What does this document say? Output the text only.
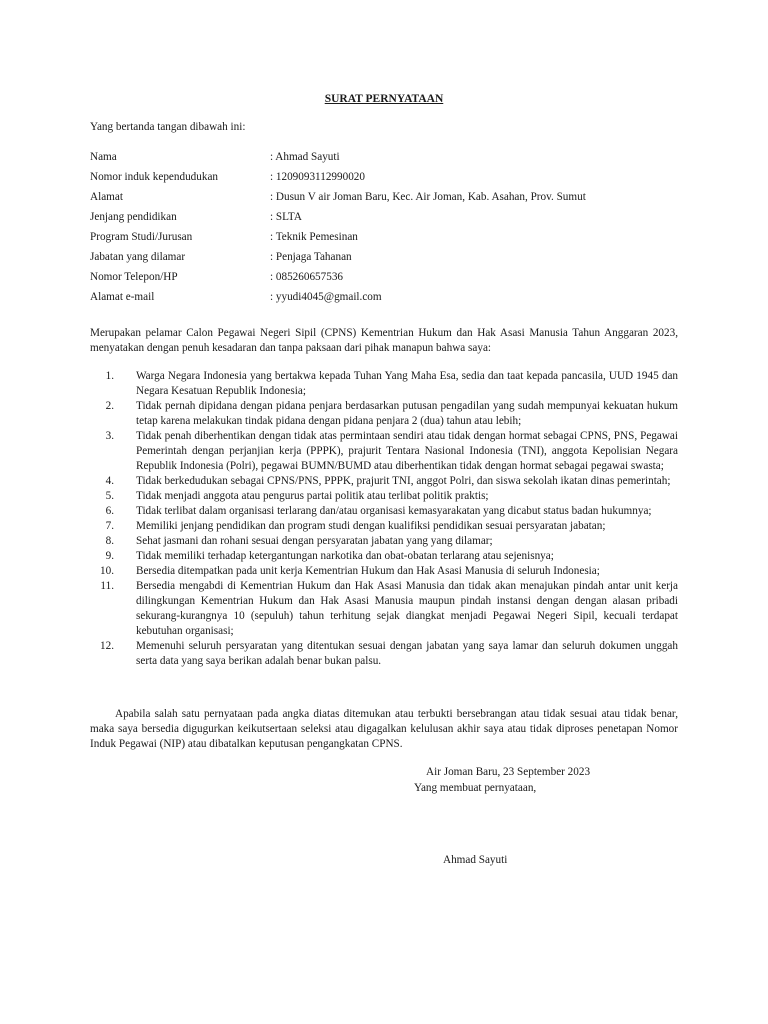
SURAT PERNYATAAN
Yang bertanda tangan dibawah ini:
Nama	: Ahmad Sayuti
Nomor induk kependudukan	: 1209093112990020
Alamat	: Dusun V air Joman Baru, Kec. Air Joman, Kab. Asahan, Prov. Sumut
Jenjang pendidikan	: SLTA
Program Studi/Jurusan	: Teknik Pemesinan
Jabatan yang dilamar	: Penjaga Tahanan
Nomor Telepon/HP	: 085260657536
Alamat e-mail	: yyudi4045@gmail.com
Merupakan pelamar Calon Pegawai Negeri Sipil (CPNS) Kementrian Hukum dan Hak Asasi Manusia Tahun Anggaran 2023, menyatakan dengan penuh kesadaran dan tanpa paksaan dari pihak manapun bahwa saya:
1. Warga Negara Indonesia yang bertakwa kepada Tuhan Yang Maha Esa, sedia dan taat kepada pancasila, UUD 1945 dan Negara Kesatuan Republik Indonesia;
2. Tidak pernah dipidana dengan pidana penjara berdasarkan putusan pengadilan yang sudah mempunyai kekuatan hukum tetap karena melakukan tindak pidana dengan pidana penjara 2 (dua) tahun atau lebih;
3. Tidak penah diberhentikan dengan tidak atas permintaan sendiri atau tidak dengan hormat sebagai CPNS, PNS, Pegawai Pemerintah dengan perjanjian kerja (PPPK), prajurit Tentara Nasional Indonesia (TNI), anggota Kepolisian Negara Republik Indonesia (Polri), pegawai BUMN/BUMD atau diberhentikan tidak dengan hormat sebagai pegawai swasta;
4. Tidak berkedudukan sebagai CPNS/PNS, PPPK, prajurit TNI, anggot Polri, dan siswa sekolah ikatan dinas pemerintah;
5. Tidak menjadi anggota atau pengurus partai politik atau terlibat politik praktis;
6. Tidak terlibat dalam organisasi terlarang dan/atau organisasi kemasyarakatan yang dicabut status badan hukumnya;
7. Memiliki jenjang pendidikan dan program studi dengan kualifiksi pendidikan sesuai persyaratan jabatan;
8. Sehat jasmani dan rohani sesuai dengan persyaratan jabatan yang yang dilamar;
9. Tidak memiliki terhadap ketergantungan narkotika dan obat-obatan terlarang atau sejenisnya;
10. Bersedia ditempatkan pada unit kerja Kementrian Hukum dan Hak Asasi Manusia di seluruh Indonesia;
11. Bersedia mengabdi di Kementrian Hukum dan Hak Asasi Manusia dan tidak akan menajukan pindah antar unit kerja dilingkungan Kementrian Hukum dan Hak Asasi Manusia maupun pindah instansi dengan dengan alasan pribadi sekurang-kurangnya 10 (sepuluh) tahun terhitung sejak diangkat menjadi Pegawai Negeri Sipil, kecuali terdapat kebutuhan organisasi;
12. Memenuhi seluruh persyaratan yang ditentukan sesuai dengan jabatan yang saya lamar dan seluruh dokumen unggah serta data yang saya berikan adalah benar bukan palsu.
Apabila salah satu pernyataan pada angka diatas ditemukan atau terbukti bersebrangan atau tidak sesuai atau tidak benar, maka saya bersedia digugurkan keikutsertaan seleksi atau digagalkan kelulusan akhir saya atau tidak diproses penetapan Nomor Induk Pegawai (NIP) atau dibatalkan keputusan pengangkatan CPNS.
Air Joman Baru, 23 September 2023
Yang membuat pernyataan,
Ahmad Sayuti
